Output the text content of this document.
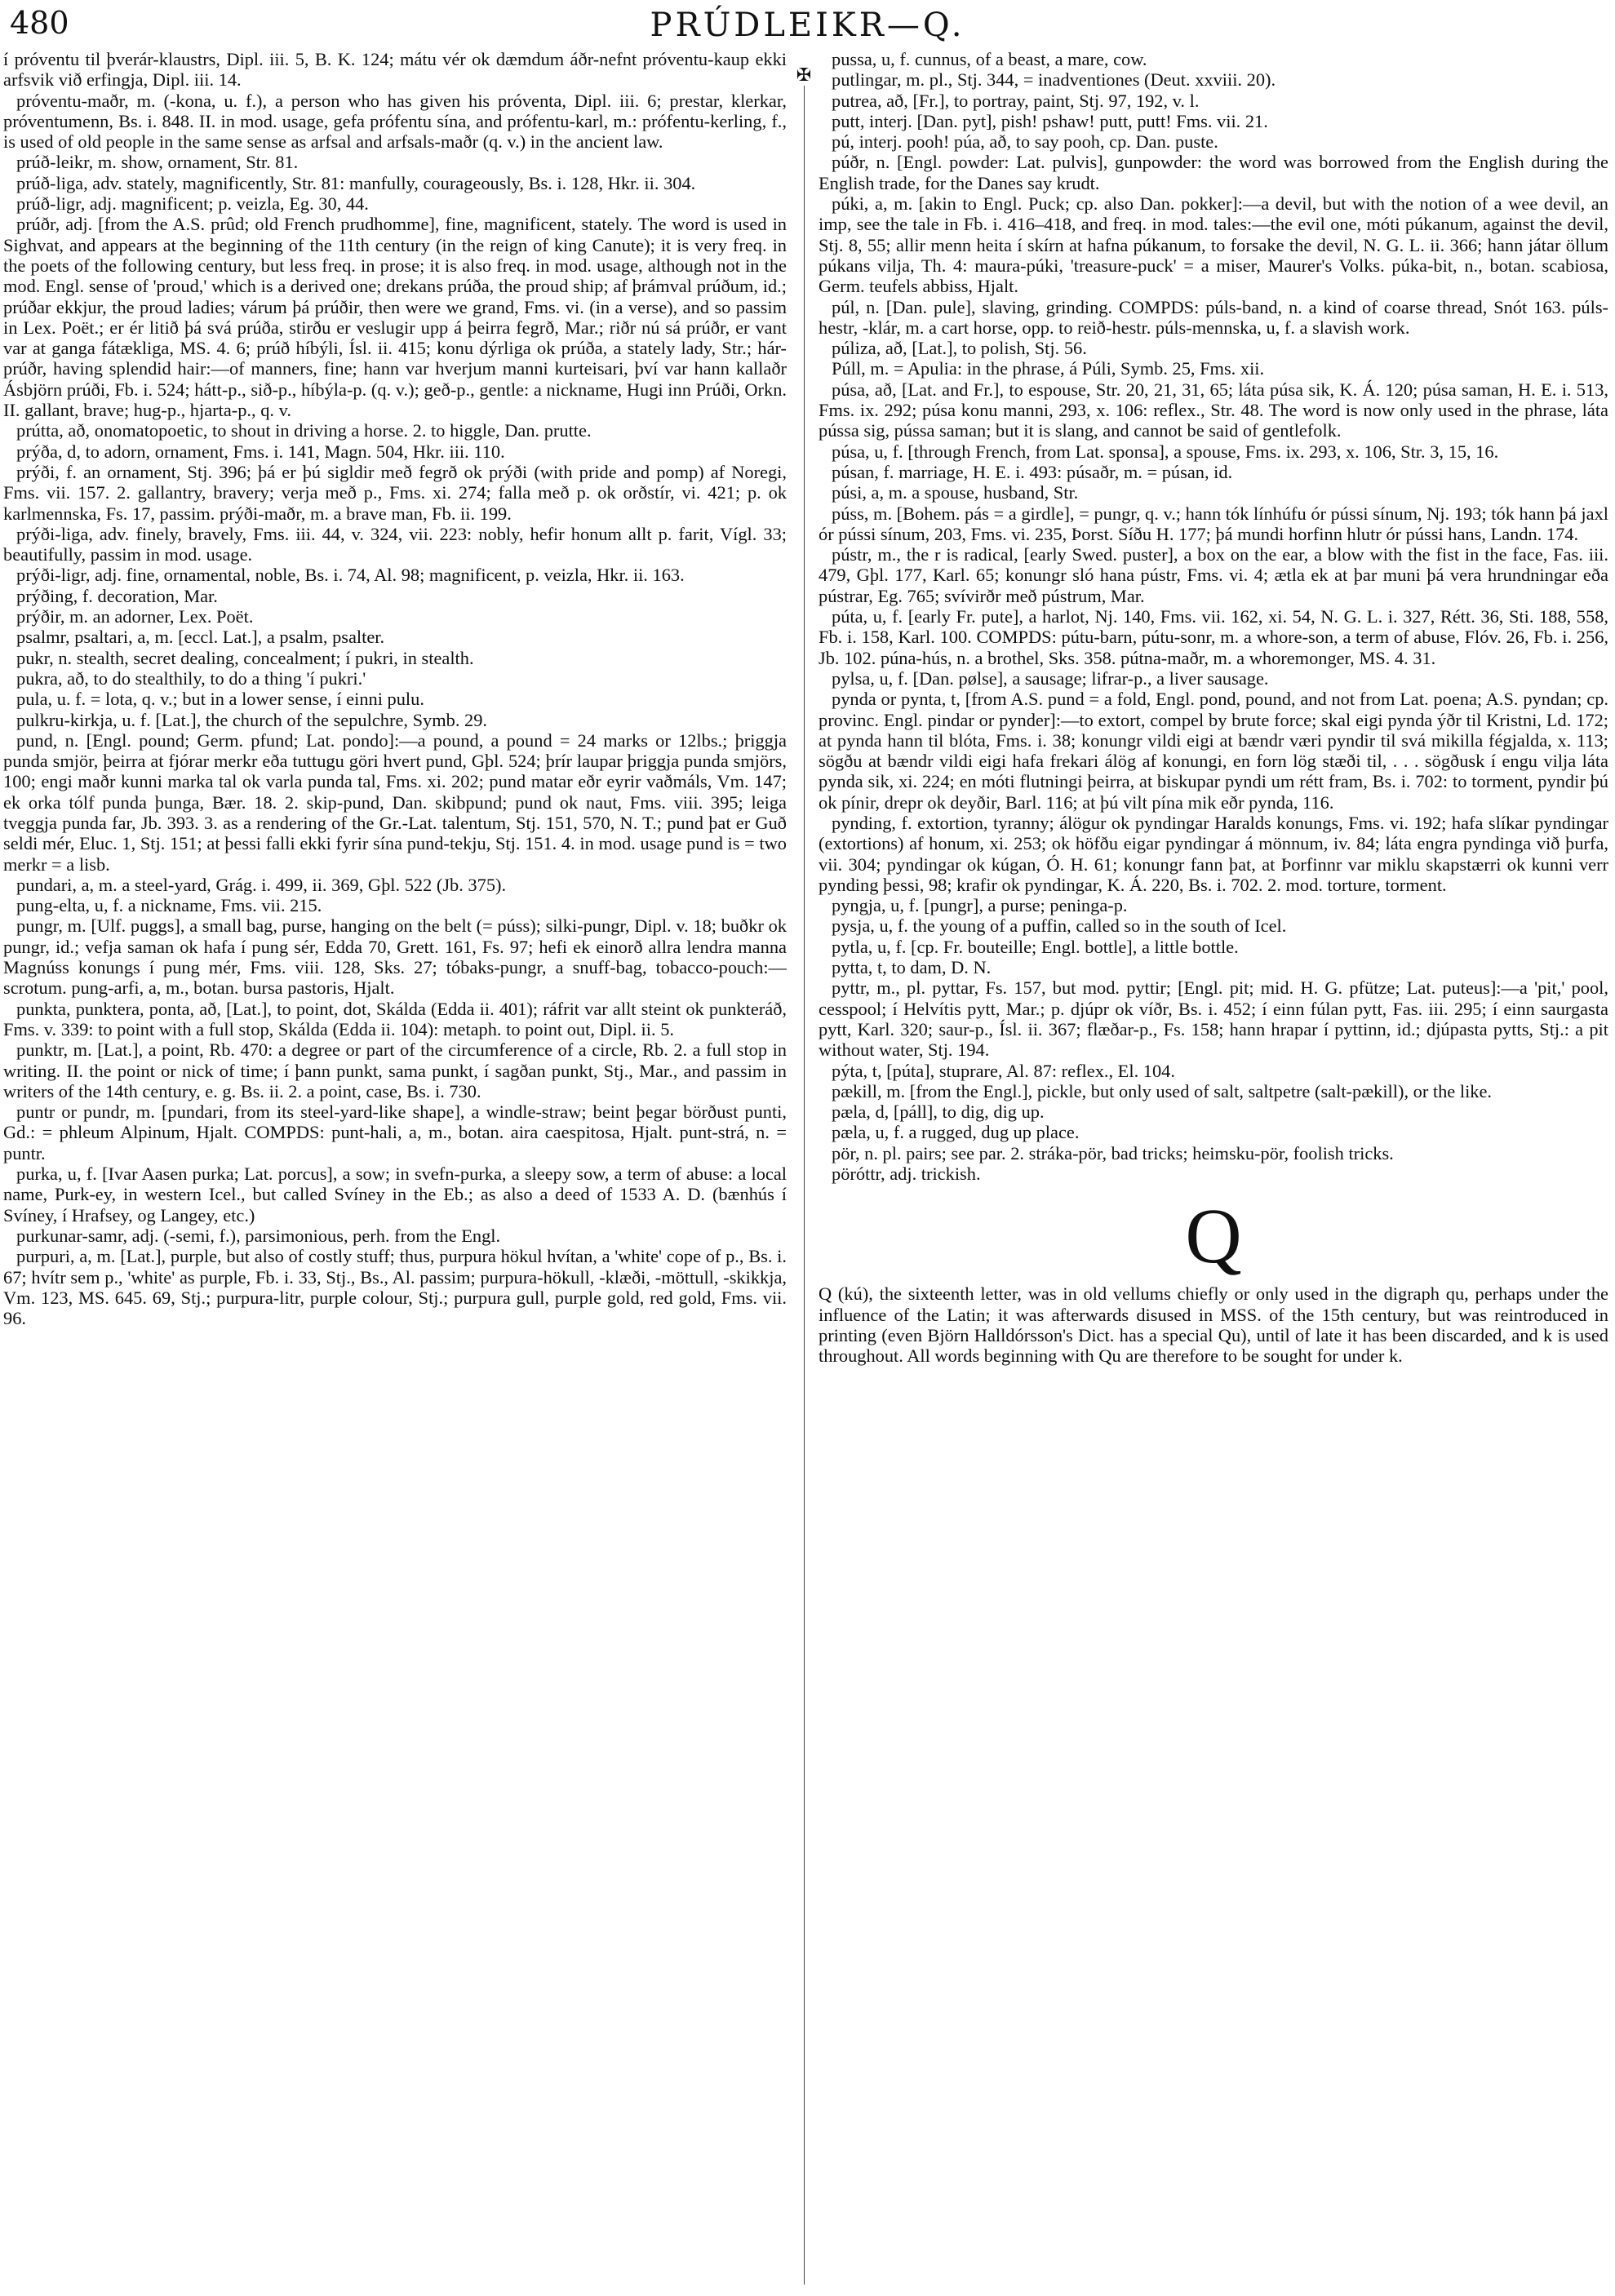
480	PRÚDLEIKR—Q.

í próventu til þverár-klaustrs, Dipl. iii. 5, B. K. 124; mátu vér ok dæmdum áðr-nefnt próventu-kaup ekki arfsvik við erfingja, Dipl. iii. 14.

próventu-maðr, m. (-kona, u. f.), a person who has given his próventa, Dipl. iii. 6; prestar, klerkar, próventumenn, Bs. i. 848. II. in mod. usage, gefa prófentu sína, and prófentu-karl, m.: prófentu-kerling, f., is used of old people in the same sense as arfsal and arfsals-maðr (q. v.) in the ancient law.

prúð-leikr, m. show, ornament, Str. 81.

prúð-liga, adv. stately, magnificently, Str. 81: manfully, courageously, Bs. i. 128, Hkr. ii. 304.

prúð-ligr, adj. magnificent; p. veizla, Eg. 30, 44.

prúðr, adj. [from the A.S. prûd; old French prudhomme], fine, magnificent, stately. The word is used in Sighvat, and appears at the beginning of the 11th century (in the reign of king Canute); it is very freq. in the poets of the following century, but less freq. in prose; it is also freq. in mod. usage, although not in the mod. Engl. sense of 'proud,' which is a derived one; drekans prúða, the proud ship; af þrámval prúðum, id.; prúðar ekkjur, the proud ladies; várum þá prúðir, then were we grand, Fms. vi. (in a verse), and so passim in Lex. Poët.; er ér litið þá svá prúða, stirðu er veslugir upp á þeirra fegrð, Mar.; riðr nú sá prúðr, er vant var at ganga fátækliga, MS. 4. 6; prúð híbýli, Ísl. ii. 415; konu dýrliga ok prúða, a stately lady, Str.; hár-prúðr, having splendid hair:—of manners, fine; hann var hverjum manni kurteisari, því var hann kallaðr Ásbjörn prúði, Fb. i. 524; hátt-p., sið-p., híbýla-p. (q. v.); geð-p., gentle: a nickname, Hugi inn Prúði, Orkn. II. gallant, brave; hug-p., hjarta-p., q. v.

prútta, að, onomatopoetic, to shout in driving a horse. 2. to higgle, Dan. prutte.

prýða, d, to adorn, ornament, Fms. i. 141, Magn. 504, Hkr. iii. 110.

prýði, f. an ornament, Stj. 396; þá er þú sigldir með fegrð ok prýði (with pride and pomp) af Noregi, Fms. vii. 157. 2. gallantry, bravery; verja með p., Fms. xi. 274; falla með p. ok orðstír, vi. 421; p. ok karlmennska, Fs. 17, passim. prýði-maðr, m. a brave man, Fb. ii. 199.

prýði-liga, adv. finely, bravely, Fms. iii. 44, v. 324, vii. 223: nobly, hefir honum allt p. farit, Vígl. 33; beautifully, passim in mod. usage.

prýði-ligr, adj. fine, ornamental, noble, Bs. i. 74, Al. 98; magnificent, p. veizla, Hkr. ii. 163.

prýðing, f. decoration, Mar.

prýðir, m. an adorner, Lex. Poët.

psalmr, psaltari, a, m. [eccl. Lat.], a psalm, psalter.

pukr, n. stealth, secret dealing, concealment; í pukri, in stealth.

pukra, að, to do stealthily, to do a thing 'í pukri.'

pula, u. f. = lota, q. v.; but in a lower sense, í einni pulu.

pulkru-kirkja, u. f. [Lat.], the church of the sepulchre, Symb. 29.

pund, n. [Engl. pound; Germ. pfund; Lat. pondo]:—a pound, a pound = 24 marks or 12lbs.; þriggja punda smjör, þeirra at fjórar merkr eða tuttugu göri hvert pund, Gþl. 524; þrír laupar þriggja punda smjörs, 100; engi maðr kunni marka tal ok varla punda tal, Fms. xi. 202; pund matar eðr eyrir vaðmáls, Vm. 147; ek orka tólf punda þunga, Bær. 18. 2. skip-pund, Dan. skibpund; pund ok naut, Fms. viii. 395; leiga tveggja punda far, Jb. 393. 3. as a rendering of the Gr.-Lat. talentum, Stj. 151, 570, N. T.; pund þat er Guð seldi mér, Eluc. 1, Stj. 151; at þessi falli ekki fyrir sína pund-tekju, Stj. 151. 4. in mod. usage pund is = two merkr = a lisb.

pundari, a, m. a steel-yard, Grág. i. 499, ii. 369, Gþl. 522 (Jb. 375).

pung-elta, u, f. a nickname, Fms. vii. 215.

pungr, m. [Ulf. puggs], a small bag, purse, hanging on the belt (= púss); silki-pungr, Dipl. v. 18; buðkr ok pungr, id.; vefja saman ok hafa í pung sér, Edda 70, Grett. 161, Fs. 97; hefi ek einorð allra lendra manna Magnúss konungs í pung mér, Fms. viii. 128, Sks. 27; tóbaks-pungr, a snuff-bag, tobacco-pouch:—scrotum. pung-arfi, a, m., botan. bursa pastoris, Hjalt.

punkta, punktera, ponta, að, [Lat.], to point, dot, Skálda (Edda ii. 401); ráfrit var allt steint ok punkteráð, Fms. v. 339: to point with a full stop, Skálda (Edda ii. 104): metaph. to point out, Dipl. ii. 5.

punktr, m. [Lat.], a point, Rb. 470: a degree or part of the circumference of a circle, Rb. 2. a full stop in writing. II. the point or nick of time; í þann punkt, sama punkt, í sagðan punkt, Stj., Mar., and passim in writers of the 14th century, e. g. Bs. ii. 2. a point, case, Bs. i. 730.

puntr or pundr, m. [pundari, from its steel-yard-like shape], a windle-straw; beint þegar börðust punti, Gd.: = phleum Alpinum, Hjalt. COMPDS: punt-hali, a, m., botan. aira caespitosa, Hjalt. punt-strá, n. = puntr.

purka, u, f. [Ivar Aasen purka; Lat. porcus], a sow; in svefn-purka, a sleepy sow, a term of abuse: a local name, Purk-ey, in western Icel., but called Svíney in the Eb.; as also a deed of 1533 A. D. (bænhús í Svíney, í Hrafsey, og Langey, etc.)

purkunar-samr, adj. (-semi, f.), parsimonious, perh. from the Engl.

purpuri, a, m. [Lat.], purple, but also of costly stuff; thus, purpura hökul hvítan, a 'white' cope of p., Bs. i. 67; hvítr sem p., 'white' as purple, Fb. i. 33, Stj., Bs., Al. passim; purpura-hökull, -klæði, -möttull, -skikkja, Vm. 123, MS. 645. 69, Stj.; purpura-litr, purple colour, Stj.; purpura gull, purple gold, red gold, Fms. vii. 96.

✠

pussa, u, f. cunnus, of a beast, a mare, cow.

putlingar, m. pl., Stj. 344, = inadventiones (Deut. xxviii. 20).

putrea, að, [Fr.], to portray, paint, Stj. 97, 192, v. l.

putt, interj. [Dan. pyt], pish! pshaw! putt, putt! Fms. vii. 21.

pú, interj. pooh! púa, að, to say pooh, cp. Dan. puste.

púðr, n. [Engl. powder: Lat. pulvis], gunpowder: the word was borrowed from the English during the English trade, for the Danes say krudt.

púki, a, m. [akin to Engl. Puck; cp. also Dan. pokker]:—a devil, but with the notion of a wee devil, an imp, see the tale in Fb. i. 416–418, and freq. in mod. tales:—the evil one, móti púkanum, against the devil, Stj. 8, 55; allir menn heita í skírn at hafna púkanum, to forsake the devil, N. G. L. ii. 366; hann játar öllum púkans vilja, Th. 4: maura-púki, 'treasure-puck' = a miser, Maurer's Volks. púka-bit, n., botan. scabiosa, Germ. teufels abbiss, Hjalt.

púl, n. [Dan. pule], slaving, grinding. COMPDS: púls-band, n. a kind of coarse thread, Snót 163. púls-hestr, -klár, m. a cart horse, opp. to reið-hestr. púls-mennska, u, f. a slavish work.

púliza, að, [Lat.], to polish, Stj. 56.

Púll, m. = Apulia: in the phrase, á Púli, Symb. 25, Fms. xii.

púsa, að, [Lat. and Fr.], to espouse, Str. 20, 21, 31, 65; láta púsa sik, K. Á. 120; púsa saman, H. E. i. 513, Fms. ix. 292; púsa konu manni, 293, x. 106: reflex., Str. 48. The word is now only used in the phrase, láta pússa sig, pússa saman; but it is slang, and cannot be said of gentlefolk.

púsa, u, f. [through French, from Lat. sponsa], a spouse, Fms. ix. 293, x. 106, Str. 3, 15, 16.

púsan, f. marriage, H. E. i. 493: púsaðr, m. = púsan, id.

púsi, a, m. a spouse, husband, Str.

púss, m. [Bohem. pás = a girdle], = pungr, q. v.; hann tók línhúfu ór pússi sínum, Nj. 193; tók hann þá jaxl ór pússi sínum, 203, Fms. vi. 235, Þorst. Síðu H. 177; þá mundi horfinn hlutr ór pússi hans, Landn. 174.

pústr, m., the r is radical, [early Swed. puster], a box on the ear, a blow with the fist in the face, Fas. iii. 479, Gþl. 177, Karl. 65; konungr sló hana pústr, Fms. vi. 4; ætla ek at þar muni þá vera hrundningar eða pústrar, Eg. 765; svívirðr með pústrum, Mar.

púta, u, f. [early Fr. pute], a harlot, Nj. 140, Fms. vii. 162, xi. 54, N. G. L. i. 327, Rétt. 36, Sti. 188, 558, Fb. i. 158, Karl. 100. COMPDS: pútu-barn, pútu-sonr, m. a whore-son, a term of abuse, Flóv. 26, Fb. i. 256, Jb. 102. púna-hús, n. a brothel, Sks. 358. pútna-maðr, m. a whoremonger, MS. 4. 31.

pylsa, u, f. [Dan. pølse], a sausage; lifrar-p., a liver sausage.

pynda or pynta, t, [from A.S. pund = a fold, Engl. pond, pound, and not from Lat. poena; A.S. pyndan; cp. provinc. Engl. pindar or pynder]:—to extort, compel by brute force; skal eigi pynda ýðr til Kristni, Ld. 172; at pynda hann til blóta, Fms. i. 38; konungr vildi eigi at bændr væri pyndir til svá mikilla fégjalda, x. 113; sögðu at bændr vildi eigi hafa frekari álög af konungi, en forn lög stæði til, . . . sögðusk í engu vilja láta pynda sik, xi. 224; en móti flutningi þeirra, at biskupar pyndi um rétt fram, Bs. i. 702: to torment, pyndir þú ok pínir, drepr ok deyðir, Barl. 116; at þú vilt pína mik eðr pynda, 116.

pynding, f. extortion, tyranny; álögur ok pyndingar Haralds konungs, Fms. vi. 192; hafa slíkar pyndingar (extortions) af honum, xi. 253; ok höfðu eigar pyndingar á mönnum, iv. 84; láta engra pyndinga við þurfa, vii. 304; pyndingar ok kúgan, Ó. H. 61; konungr fann þat, at Þorfinnr var miklu skapstærri ok kunni verr pynding þessi, 98; krafir ok pyndingar, K. Á. 220, Bs. i. 702. 2. mod. torture, torment.

pyngja, u, f. [pungr], a purse; peninga-p.

pysja, u, f. the young of a puffin, called so in the south of Icel.

pytla, u, f. [cp. Fr. bouteille; Engl. bottle], a little bottle.

pytta, t, to dam, D. N.

pyttr, m., pl. pyttar, Fs. 157, but mod. pyttir; [Engl. pit; mid. H. G. pfütze; Lat. puteus]:—a 'pit,' pool, cesspool; í Helvítis pytt, Mar.; p. djúpr ok víðr, Bs. i. 452; í einn fúlan pytt, Fas. iii. 295; í einn saurgasta pytt, Karl. 320; saur-p., Ísl. ii. 367; flæðar-p., Fs. 158; hann hrapar í pyttinn, id.; djúpasta pytts, Stj.: a pit without water, Stj. 194.

pýta, t, [púta], stuprare, Al. 87: reflex., El. 104.

pækill, m. [from the Engl.], pickle, but only used of salt, saltpetre (salt-pækill), or the like.

pæla, d, [páll], to dig, dig up.

pæla, u, f. a rugged, dug up place.

pör, n. pl. pairs; see par. 2. stráka-pör, bad tricks; heimsku-pör, foolish tricks.

pöróttr, adj. trickish.

Q

Q (kú), the sixteenth letter, was in old vellums chiefly or only used in the digraph qu, perhaps under the influence of the Latin; it was afterwards disused in MSS. of the 15th century, but was reintroduced in printing (even Björn Halldórsson's Dict. has a special Qu), until of late it has been discarded, and k is used throughout. All words beginning with Qu are therefore to be sought for under k.
